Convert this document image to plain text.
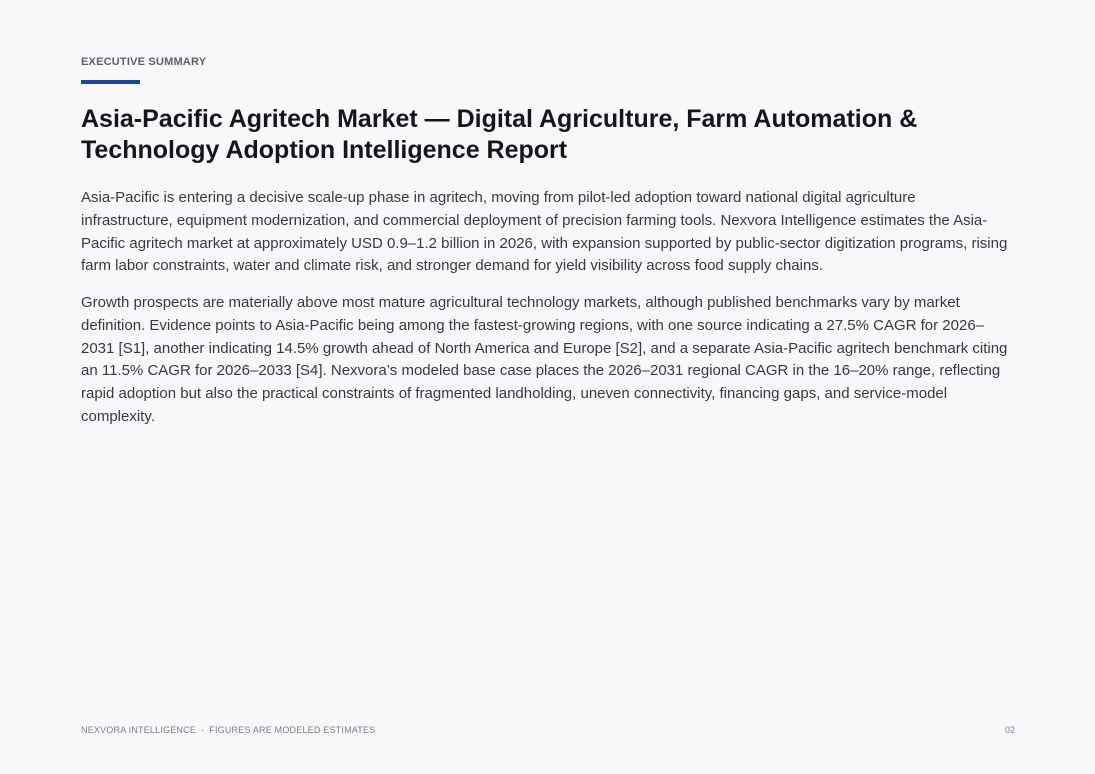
EXECUTIVE SUMMARY
Asia-Pacific Agritech Market — Digital Agriculture, Farm Automation & Technology Adoption Intelligence Report

Asia-Pacific is entering a decisive scale-up phase in agritech, moving from pilot-led adoption toward national digital agriculture infrastructure, equipment modernization, and commercial deployment of precision farming tools. Nexvora Intelligence estimates the Asia-Pacific agritech market at approximately USD 0.9–1.2 billion in 2026, with expansion supported by public-sector digitization programs, rising farm labor constraints, water and climate risk, and stronger demand for yield visibility across food supply chains.

Growth prospects are materially above most mature agricultural technology markets, although published benchmarks vary by market definition. Evidence points to Asia-Pacific being among the fastest-growing regions, with one source indicating a 27.5% CAGR for 2026–2031 [S1], another indicating 14.5% growth ahead of North America and Europe [S2], and a separate Asia-Pacific agritech benchmark citing an 11.5% CAGR for 2026–2033 [S4]. Nexvora’s modeled base case places the 2026–2031 regional CAGR in the 16–20% range, reflecting rapid adoption but also the practical constraints of fragmented landholding, uneven connectivity, financing gaps, and service-model complexity.

NEXVORA INTELLIGENCE · FIGURES ARE MODELED ESTIMATES	02
